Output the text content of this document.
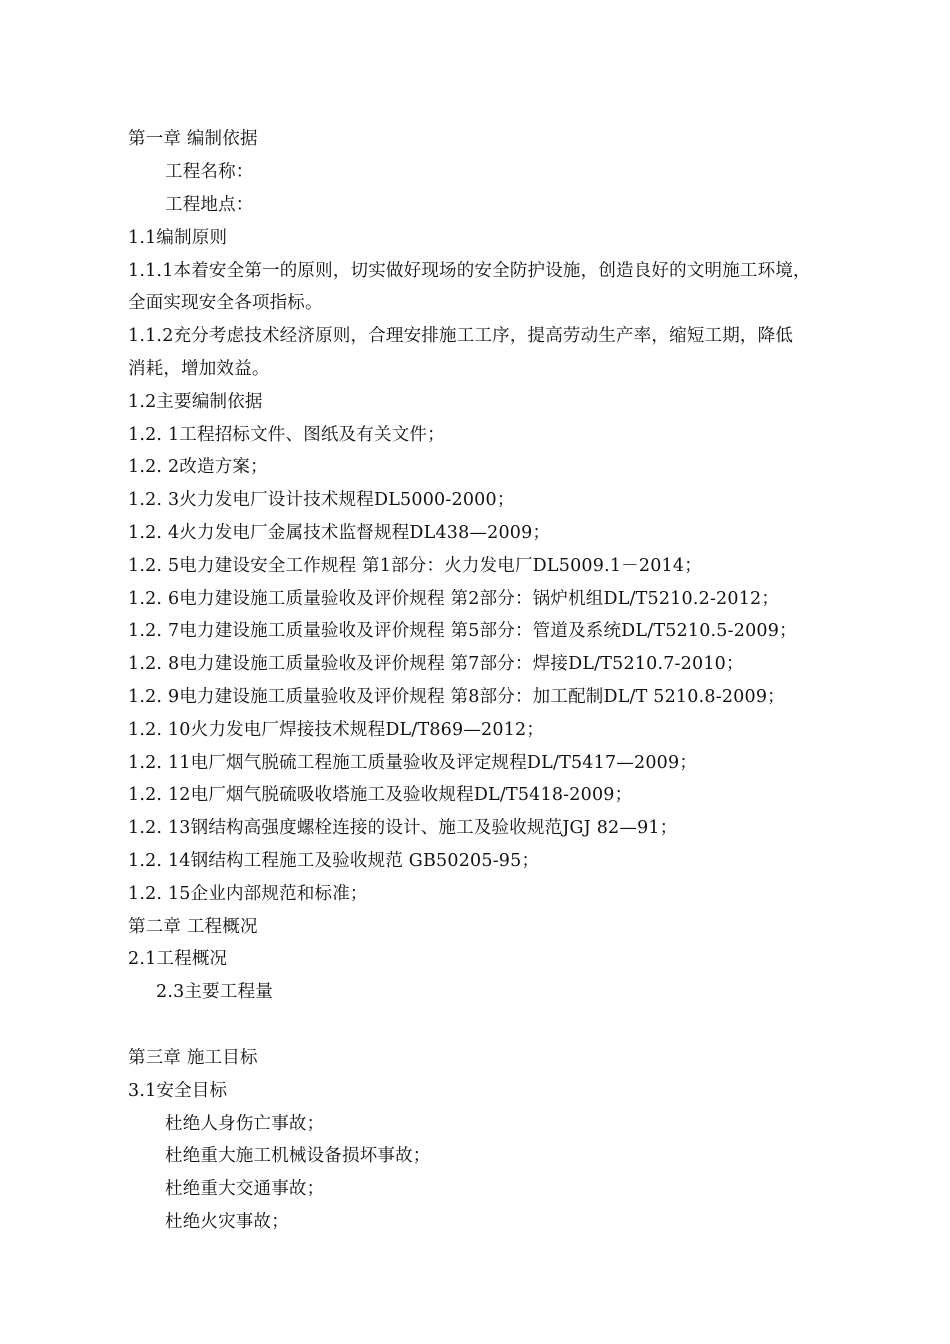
第一章 编制依据
工程名称：
工程地点：
1.1编制原则
1.1.1本着安全第一的原则，切实做好现场的安全防护设施，创造良好的文明施工环境，
全面实现安全各项指标。
1.1.2充分考虑技术经济原则，合理安排施工工序，提高劳动生产率，缩短工期，降低
消耗，增加效益。
1.2主要编制依据
1.2. 1工程招标文件、图纸及有关文件；
1.2. 2改造方案；
1.2. 3火力发电厂设计技术规程DL5000-2000；
1.2. 4火力发电厂金属技术监督规程DL438—2009；
1.2. 5电力建设安全工作规程 第1部分：火力发电厂DL5009.1－2014；
1.2. 6电力建设施工质量验收及评价规程 第2部分：锅炉机组DL/T5210.2-2012；
1.2. 7电力建设施工质量验收及评价规程 第5部分：管道及系统DL/T5210.5-2009；
1.2. 8电力建设施工质量验收及评价规程 第7部分：焊接DL/T5210.7-2010；
1.2. 9电力建设施工质量验收及评价规程 第8部分：加工配制DL/T 5210.8-2009；
1.2. 10火力发电厂焊接技术规程DL/T869—2012；
1.2. 11电厂烟气脱硫工程施工质量验收及评定规程DL/T5417—2009；
1.2. 12电厂烟气脱硫吸收塔施工及验收规程DL/T5418-2009；
1.2. 13钢结构高强度螺栓连接的设计、施工及验收规范JGJ 82—91；
1.2. 14钢结构工程施工及验收规范 GB50205-95；
1.2. 15企业内部规范和标准；
第二章 工程概况
2.1工程概况
2.3主要工程量
第三章 施工目标
3.1安全目标
杜绝人身伤亡事故；
杜绝重大施工机械设备损坏事故；
杜绝重大交通事故；
杜绝火灾事故；
